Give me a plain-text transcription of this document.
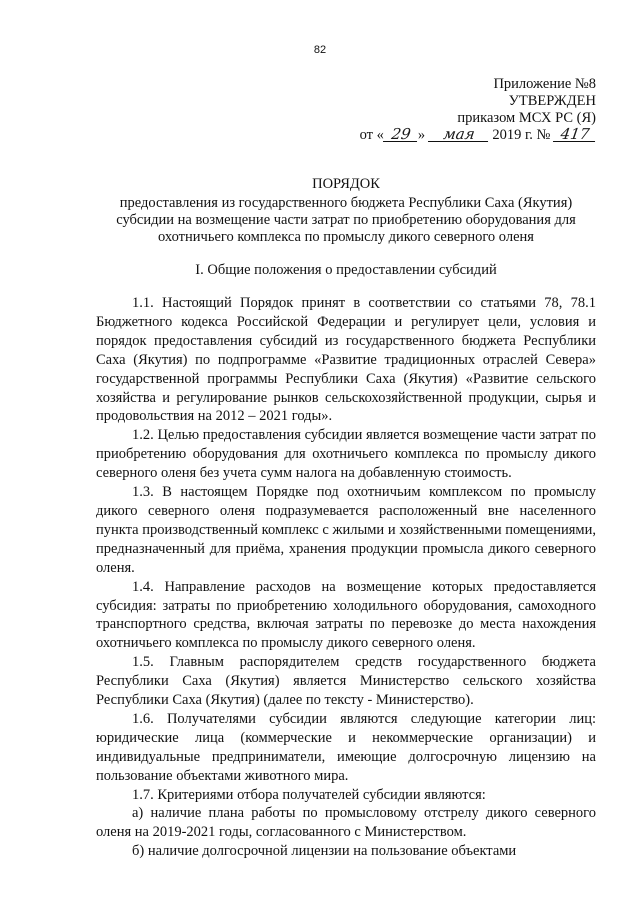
82
Приложение №8
УТВЕРЖДЕН
приказом МСХ РС (Я)
от « 29 » мая 2019 г. № 417
ПОРЯДОК
предоставления из государственного бюджета Республики Саха (Якутия) субсидии на возмещение части затрат по приобретению оборудования для охотничьего комплекса по промыслу дикого северного оленя
I. Общие положения о предоставлении субсидий

1.1. Настоящий Порядок принят в соответствии со статьями 78, 78.1 Бюджетного кодекса Российской Федерации и регулирует цели, условия и порядок предоставления субсидий из государственного бюджета Республики Саха (Якутия) по подпрограмме «Развитие традиционных отраслей Севера» государственной программы Республики Саха (Якутия) «Развитие сельского хозяйства и регулирование рынков сельскохозяйственной продукции, сырья и продовольствия на 2012 – 2021 годы».

1.2. Целью предоставления субсидии является возмещение части затрат по приобретению оборудования для охотничьего комплекса по промыслу дикого северного оленя без учета сумм налога на добавленную стоимость.

1.3. В настоящем Порядке под охотничьим комплексом по промыслу дикого северного оленя подразумевается расположенный вне населенного пункта производственный комплекс с жилыми и хозяйственными помещениями, предназначенный для приёма, хранения продукции промысла дикого северного оленя.

1.4. Направление расходов на возмещение которых предоставляется субсидия: затраты по приобретению холодильного оборудования, самоходного транспортного средства, включая затраты по перевозке до места нахождения охотничьего комплекса по промыслу дикого северного оленя.

1.5. Главным распорядителем средств государственного бюджета Республики Саха (Якутия) является Министерство сельского хозяйства Республики Саха (Якутия) (далее по тексту - Министерство).

1.6. Получателями субсидии являются следующие категории лиц: юридические лица (коммерческие и некоммерческие организации) и индивидуальные предприниматели, имеющие долгосрочную лицензию на пользование объектами животного мира.

1.7. Критериями отбора получателей субсидии являются:

а) наличие плана работы по промысловому отстрелу дикого северного оленя на 2019-2021 годы, согласованного с Министерством.

б) наличие долгосрочной лицензии на пользование объектами
